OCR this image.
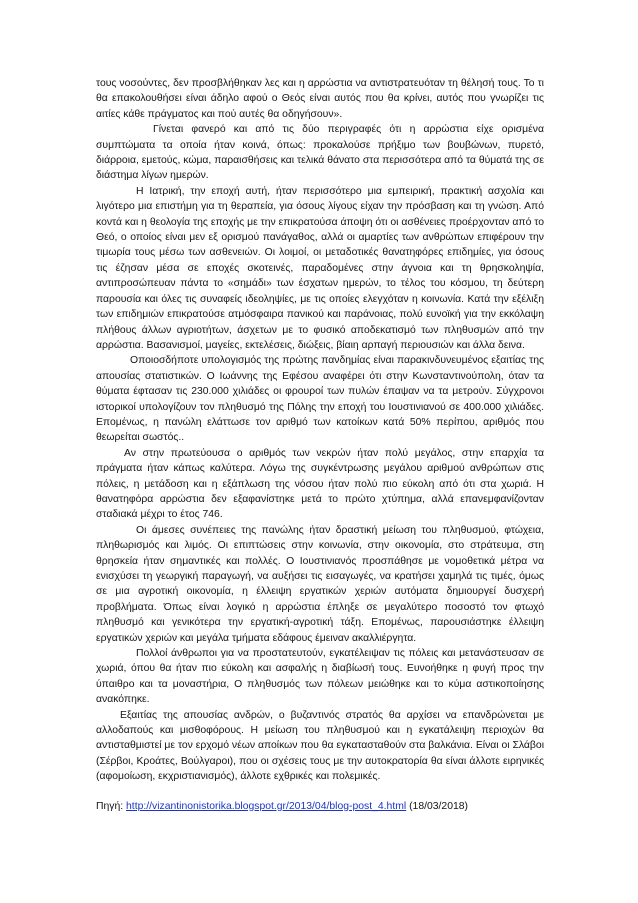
τους νοσούντες, δεν προσβλήθηκαν λες και η αρρώστια να αντιστρατευόταν τη θέλησή τους. Το τι θα επακολουθήσει είναι άδηλο αφού ο Θεός είναι αυτός που θα κρίνει, αυτός που γνωρίζει τις αιτίες κάθε πράγματος και πού αυτές θα οδηγήσουν».

Γίνεται φανερό και από τις δύο περιγραφές ότι η αρρώστια είχε ορισμένα συμπτώματα τα οποία ήταν κοινά, όπως: προκαλούσε πρήξιμο των βουβώνων, πυρετό, διάρροια, εμετούς, κώμα, παραισθήσεις και τελικά θάνατο στα περισσότερα από τα θύματά της σε διάστημα λίγων ημερών.

Η Ιατρική, την εποχή αυτή, ήταν περισσότερο μια εμπειρική, πρακτική ασχολία και λιγότερο μια επιστήμη για τη θεραπεία, για όσους λίγους είχαν την πρόσβαση και τη γνώση. Από κοντά και η θεολογία της εποχής με την επικρατούσα άποψη ότι οι ασθένειες προέρχονταν από το Θεό, ο οποίος είναι μεν εξ ορισμού πανάγαθος, αλλά οι αμαρτίες των ανθρώπων επιφέρουν την τιμωρία τους μέσω των ασθενειών. Οι λοιμοί, οι μεταδοτικές θανατηφόρες επιδημίες, για όσους τις έζησαν μέσα σε εποχές σκοτεινές, παραδομένες στην άγνοια και τη θρησκοληψία, αντιπροσώπευαν πάντα το «σημάδι» των έσχατων ημερών, το τέλος του κόσμου, τη δεύτερη παρουσία και όλες τις συναφείς ιδεοληψίες, με τις οποίες ελεγχόταν η κοινωνία. Κατά την εξέλιξη των επιδημιών επικρατούσε ατμόσφαιρα πανικού και παράνοιας, πολύ ευνοϊκή για την εκκόλαψη πλήθους άλλων αγριοτήτων, άσχετων με το φυσικό αποδεκατισμό των πληθυσμών από την αρρώστια. Βασανισμοί, μαγείες, εκτελέσεις, διώξεις, βίαιη αρπαγή περιουσιών και άλλα δεινα.

Οποιοσδήποτε υπολογισμός της πρώτης πανδημίας είναι παρακινδυνευμένος εξαιτίας της απουσίας στατιστικών. Ο Ιωάννης της Εφέσου αναφέρει ότι στην Κωνσταντινούπολη, όταν τα θύματα έφτασαν τις 230.000 χιλιάδες οι φρουροί των πυλών έπαψαν να τα μετρούν. Σύγχρονοι ιστορικοί υπολογίζουν τον πληθυσμό της Πόλης την εποχή του Ιουστινιανού σε 400.000 χιλιάδες. Επομένως, η πανώλη ελάττωσε τον αριθμό των κατοίκων κατά 50% περίπου, αριθμός που θεωρείται σωστός..

Αν στην πρωτεύουσα ο αριθμός των νεκρών ήταν πολύ μεγάλος, στην επαρχία τα πράγματα ήταν κάπως καλύτερα. Λόγω της συγκέντρωσης μεγάλου αριθμού ανθρώπων στις πόλεις, η μετάδοση και η εξάπλωση της νόσου ήταν πολύ πιο εύκολη από ότι στα χωριά. Η θανατηφόρα αρρώστια δεν εξαφανίστηκε μετά το πρώτο χτύπημα, αλλά επανεμφανίζονταν σταδιακά μέχρι το έτος 746.

Οι άμεσες συνέπειες της πανώλης ήταν δραστική μείωση του πληθυσμού, φτώχεια, πληθωρισμός και λιμός. Οι επιπτώσεις στην κοινωνία, στην οικονομία, στο στράτευμα, στη θρησκεία ήταν σημαντικές και πολλές. Ο Ιουστινιανός προσπάθησε με νομοθετικά μέτρα να ενισχύσει τη γεωργική παραγωγή, να αυξήσει τις εισαγωγές, να κρατήσει χαμηλά τις τιμές, όμως σε μια αγροτική οικονομία, η έλλειψη εργατικών χεριών αυτόματα δημιουργεί δυσχερή προβλήματα. Όπως είναι λογικό η αρρώστια έπληξε σε μεγαλύτερο ποσοστό τον φτωχό πληθυσμό και γενικότερα την εργατική-αγροτική τάξη. Επομένως, παρουσιάστηκε έλλειψη εργατικών χεριών και μεγάλα τμήματα εδάφους έμειναν ακαλλιέργητα.

Πολλοί άνθρωποι για να προστατευτούν, εγκατέλειψαν τις πόλεις και μετανάστευσαν σε χωριά, όπου θα ήταν πιο εύκολη και ασφαλής η διαβίωσή τους. Ευνοήθηκε η φυγή προς την ύπαιθρο και τα μοναστήρια, Ο πληθυσμός των πόλεων μειώθηκε και το κύμα αστικοποίησης ανακόπηκε.

Εξαιτίας της απουσίας ανδρών, ο βυζαντινός στρατός θα αρχίσει να επανδρώνεται με αλλοδαπούς και μισθοφόρους. Η μείωση του πληθυσμού και η εγκατάλειψη περιοχών θα αντισταθμιστεί με τον ερχομό νέων αποίκων που θα εγκατασταθούν στα βαλκάνια. Είναι οι Σλάβοι (Σέρβοι, Κροάτες, Βούλγαροι), που οι σχέσεις τους με την αυτοκρατορία θα είναι άλλοτε ειρηνικές (αφομοίωση, εκχριστιανισμός), άλλοτε εχθρικές και πολεμικές.

Πηγή: http://vizantinonistorika.blogspot.gr/2013/04/blog-post_4.html (18/03/2018)
